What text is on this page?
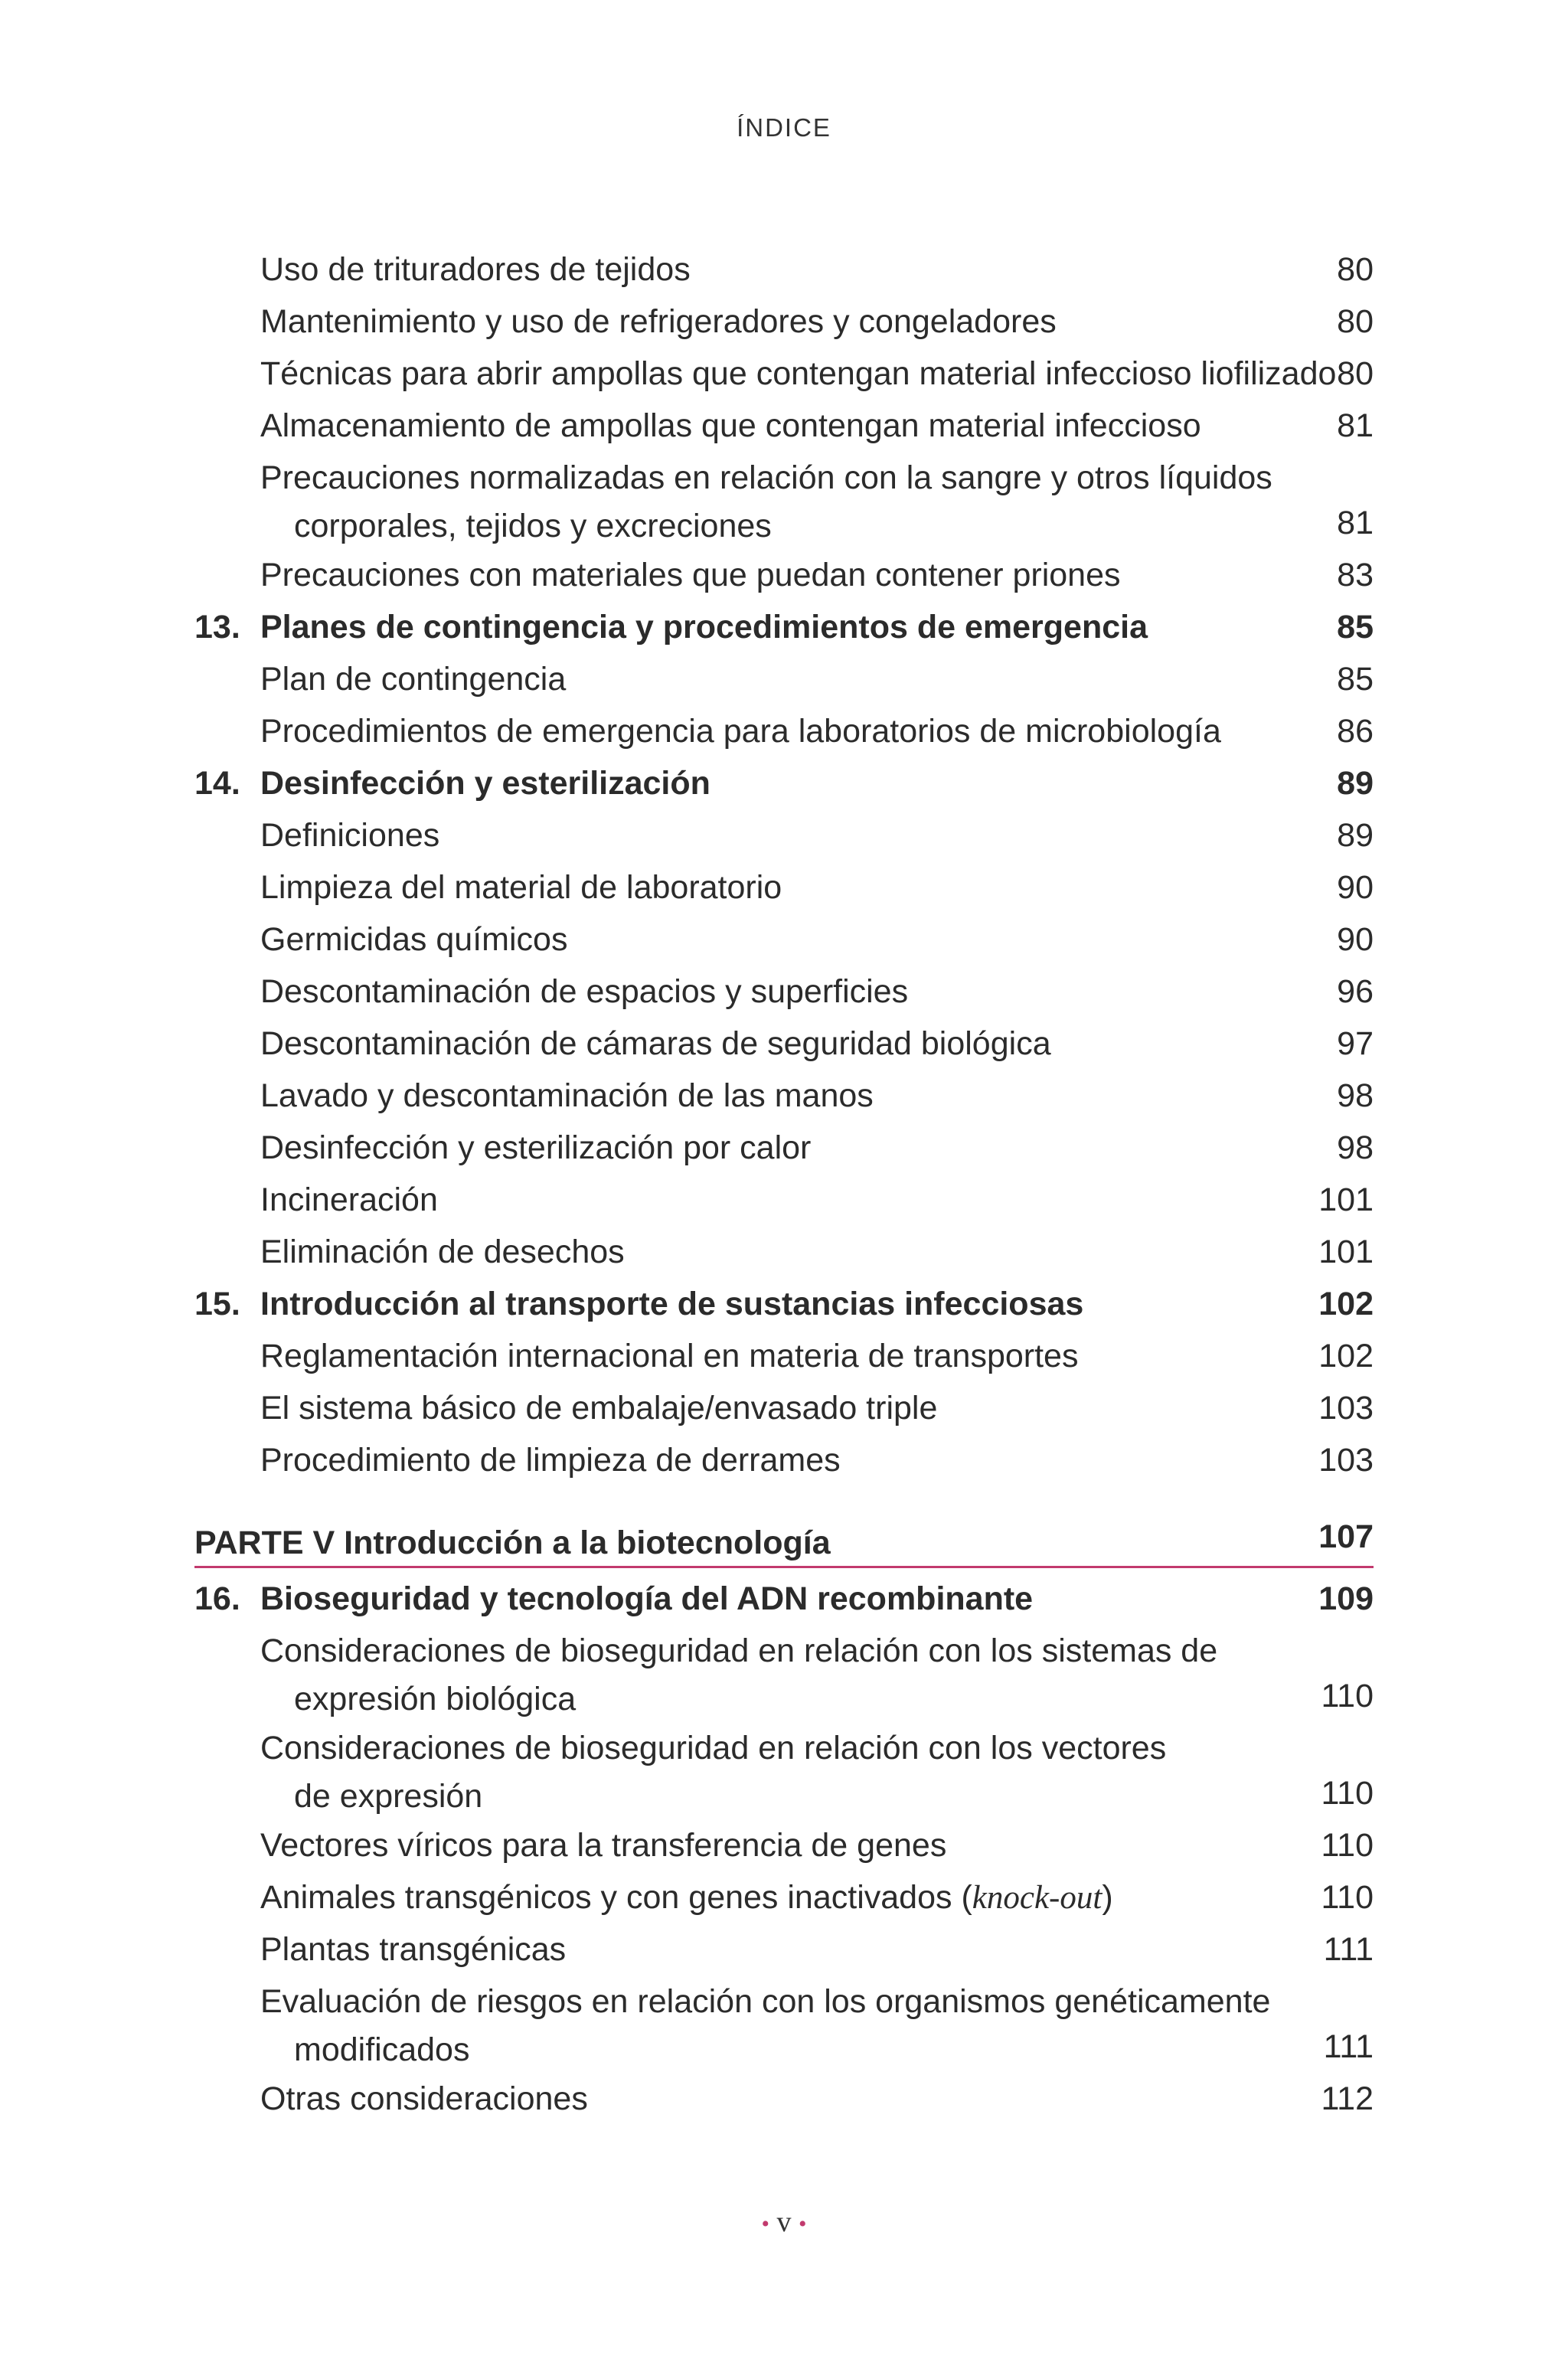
ÍNDICE
Uso de trituradores de tejidos	80
Mantenimiento y uso de refrigeradores y congeladores	80
Técnicas para abrir ampollas que contengan material infeccioso liofilizado 80
Almacenamiento de ampollas que contengan material infeccioso	81
Precauciones normalizadas en relación con la sangre y otros líquidos
corporales, tejidos y excreciones	81
Precauciones con materiales que puedan contener priones	83
13. Planes de contingencia y procedimientos de emergencia	85
Plan de contingencia	85
Procedimientos de emergencia para laboratorios de microbiología	86
14. Desinfección y esterilización	89
Definiciones	89
Limpieza del material de laboratorio	90
Germicidas químicos	90
Descontaminación de espacios y superficies	96
Descontaminación de cámaras de seguridad biológica	97
Lavado y descontaminación de las manos	98
Desinfección y esterilización por calor	98
Incineración	101
Eliminación de desechos	101
15. Introducción al transporte de sustancias infecciosas	102
Reglamentación internacional en materia de transportes	102
El sistema básico de embalaje/envasado triple	103
Procedimiento de limpieza de derrames	103
PARTE V Introducción a la biotecnología	107
16. Bioseguridad y tecnología del ADN recombinante	109
Consideraciones de bioseguridad en relación con los sistemas de
expresión biológica	110
Consideraciones de bioseguridad en relación con los vectores
de expresión	110
Vectores víricos para la transferencia de genes	110
Animales transgénicos y con genes inactivados (knock-out)	110
Plantas transgénicas	111
Evaluación de riesgos en relación con los organismos genéticamente
modificados	111
Otras consideraciones	112
• v •
